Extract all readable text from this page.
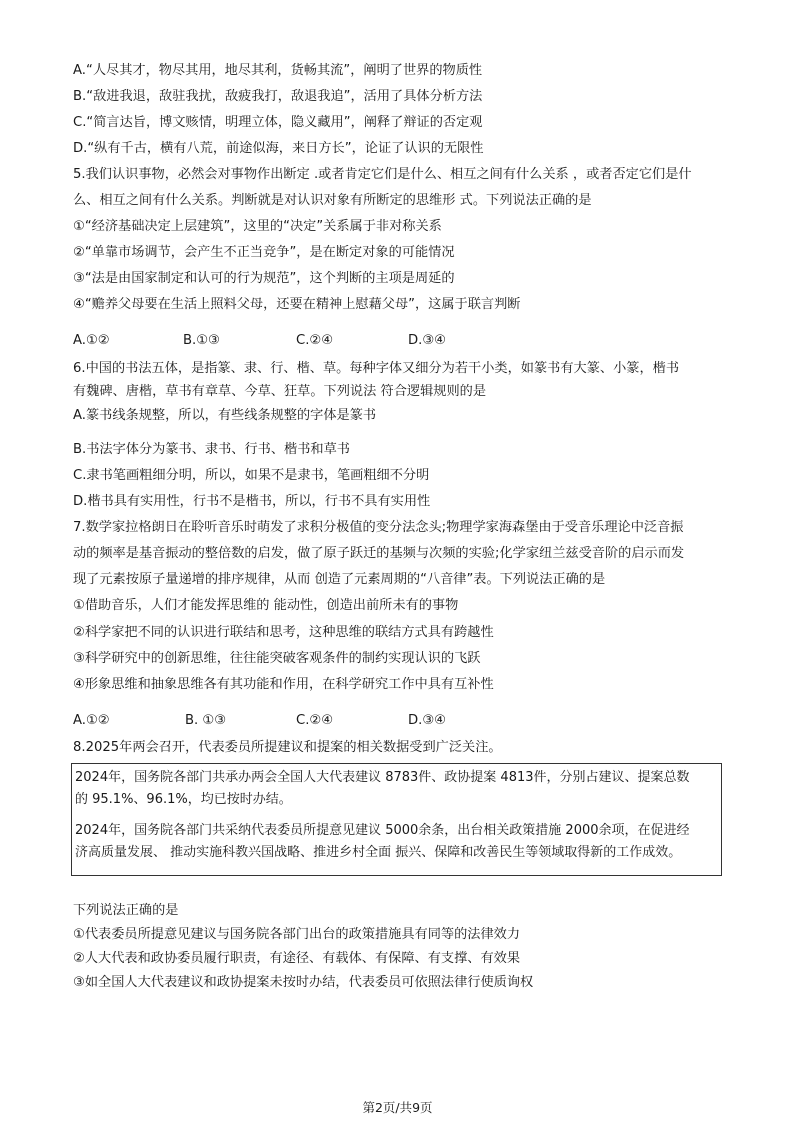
A.“人尽其才，物尽其用，地尽其利，货畅其流”，阐明了世界的物质性
B.“敌进我退，敌驻我扰，敌疲我打，敌退我追”，活用了具体分析方法
C.“简言达旨，博文赅情，明理立体，隐义藏用”，阐释了辩证的否定观
D.“纵有千古，横有八荒，前途似海，来日方长”，论证了认识的无限性
5.我们认识事物，必然会对事物作出断定 .或者肯定它们是什么、相互之间有什么关系 ，或者否定它们是什
么、相互之间有什么关系。判断就是对认识对象有所断定的思维形 式。下列说法正确的是
①“经济基础决定上层建筑”，这里的“决定”关系属于非对称关系
②“单靠市场调节，会产生不正当竞争”，是在断定对象的可能情况
③“法是由国家制定和认可的行为规范”，这个判断的主项是周延的
④“赡养父母要在生活上照料父母，还要在精神上慰藉父母”，这属于联言判断
A.①②	B.①③	C.②④	D.③④
6.中国的书法五体，是指篆、隶、行、楷、草。每种字体又细分为若干小类，如篆书有大篆、小篆，楷书
有魏碑、唐楷，草书有章草、今草、狂草。下列说法 符合逻辑规则的是
A.篆书线条规整，所以，有些线条规整的字体是篆书
B.书法字体分为篆书、隶书、行书、楷书和草书
C.隶书笔画粗细分明，所以，如果不是隶书，笔画粗细不分明
D.楷书具有实用性，行书不是楷书，所以，行书不具有实用性
7.数学家拉格朗日在聆听音乐时萌发了求积分极值的变分法念头;物理学家海森堡由于受音乐理论中泛音振
动的频率是基音振动的整倍数的启发，做了原子跃迁的基频与次频的实验;化学家纽兰兹受音阶的启示而发
现了元素按原子量递增的排序规律，从而 创造了元素周期的“八音律”表。下列说法正确的是
①借助音乐，人们才能发挥思维的 能动性，创造出前所未有的事物
②科学家把不同的认识进行联结和思考，这种思维的联结方式具有跨越性
③科学研究中的创新思维，往往能突破客观条件的制约实现认识的飞跃
④形象思维和抽象思维各有其功能和作用，在科学研究工作中具有互补性
A.①②	B. ①③	C.②④	D.③④
8.2025年两会召开，代表委员所提建议和提案的相关数据受到广泛关注。
2024年，国务院各部门共承办两会全国人大代表建议 8783件、政协提案 4813件，分别占建议、提案总数
的 95.1%、96.1%，均已按时办结。
2024年，国务院各部门共采纳代表委员所提意见建议 5000余条，出台相关政策措施 2000余项，在促进经
济高质量发展、 推动实施科教兴国战略、推进乡村全面 振兴、保障和改善民生等领域取得新的工作成效。
下列说法正确的是
①代表委员所提意见建议与国务院各部门出台的政策措施具有同等的法律效力
②人大代表和政协委员履行职责，有途径、有载体、有保障、有支撑、有效果
③如全国人大代表建议和政协提案未按时办结，代表委员可依照法律行使质询权
第2页/共9页
